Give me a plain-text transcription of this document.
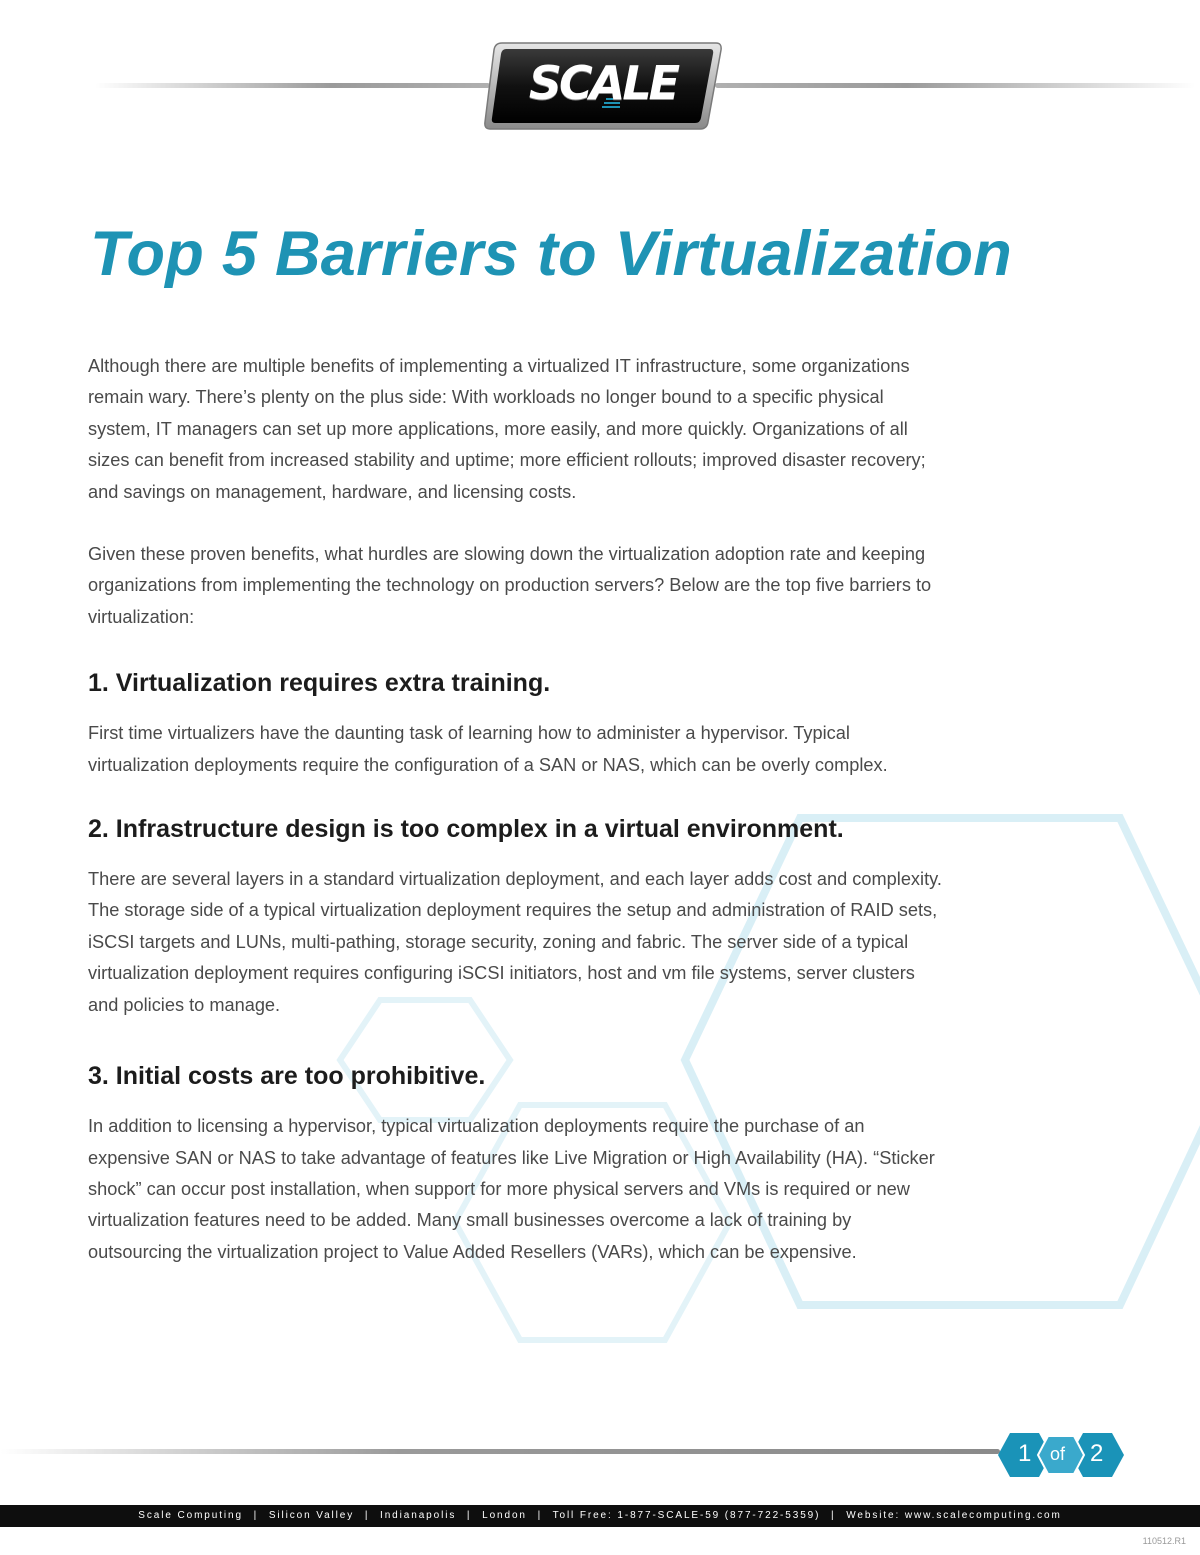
SCALE
Top 5 Barriers to Virtualization

Although there are multiple benefits of implementing a virtualized IT infrastructure, some organizations remain wary. There’s plenty on the plus side: With workloads no longer bound to a specific physical system, IT managers can set up more applications, more easily, and more quickly. Organizations of all sizes can benefit from increased stability and uptime; more efficient rollouts; improved disaster recovery; and savings on management, hardware, and licensing costs.

Given these proven benefits, what hurdles are slowing down the virtualization adoption rate and keeping organizations from implementing the technology on production servers? Below are the top five barriers to virtualization:

1. Virtualization requires extra training.

First time virtualizers have the daunting task of learning how to administer a hypervisor. Typical virtualization deployments require the configuration of a SAN or NAS, which can be overly complex.

2. Infrastructure design is too complex in a virtual environment.

There are several layers in a standard virtualization deployment, and each layer adds cost and complexity. The storage side of a typical virtualization deployment requires the setup and administration of RAID sets, iSCSI targets and LUNs, multi-pathing, storage security, zoning and fabric. The server side of a typical virtualization deployment requires configuring iSCSI initiators, host and vm file systems, server clusters and policies to manage.

3. Initial costs are too prohibitive.

In addition to licensing a hypervisor, typical virtualization deployments require the purchase of an expensive SAN or NAS to take advantage of features like Live Migration or High Availability (HA). “Sticker shock” can occur post installation, when support for more physical servers and VMs is required or new virtualization features need to be added. Many small businesses overcome a lack of training by outsourcing the virtualization project to Value Added Resellers (VARs), which can be expensive.

1 of 2
Scale Computing | Silicon Valley | Indianapolis | London | Toll Free: 1-877-SCALE-59 (877-722-5359) | Website: www.scalecomputing.com
110512.R1
